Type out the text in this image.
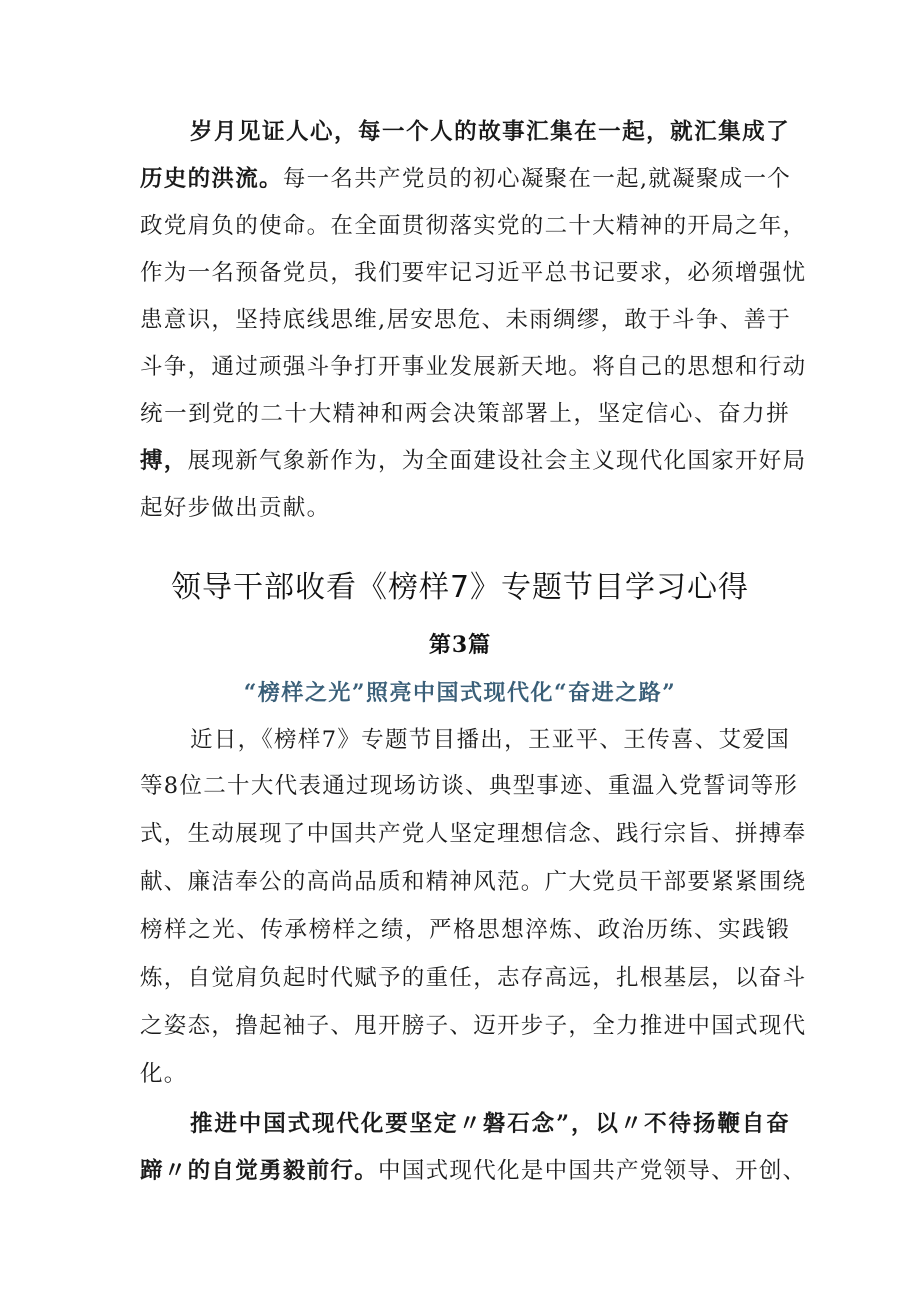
岁月见证人心，每一个人的故事汇集在一起，就汇集成了
历史的洪流。每一名共产党员的初心凝聚在一起,就凝聚成一个
政党肩负的使命。在全面贯彻落实党的二十大精神的开局之年，
作为一名预备党员，我们要牢记习近平总书记要求，必须增强忧
患意识，坚持底线思维,居安思危、未雨绸缪，敢于斗争、善于
斗争，通过顽强斗争打开事业发展新天地。将自己的思想和行动
统一到党的二十大精神和两会决策部署上，坚定信心、奋力拼
搏，展现新气象新作为，为全面建设社会主义现代化国家开好局
起好步做出贡献。
领导干部收看《榜样7》专题节目学习心得
第3篇
“榜样之光”照亮中国式现代化“奋进之路”
近日，《榜样7》专题节目播出，王亚平、王传喜、艾爱国
等8位二十大代表通过现场访谈、典型事迹、重温入党誓词等形
式，生动展现了中国共产党人坚定理想信念、践行宗旨、拼搏奉
献、廉洁奉公的高尚品质和精神风范。广大党员干部要紧紧围绕
榜样之光、传承榜样之绩，严格思想淬炼、政治历练、实践锻
炼，自觉肩负起时代赋予的重任，志存高远，扎根基层，以奋斗
之姿态，撸起袖子、甩开膀子、迈开步子，全力推进中国式现代
化。
推进中国式现代化要坚定〃磐石念”，以〃不待扬鞭自奋
蹄〃的自觉勇毅前行。中国式现代化是中国共产党领导、开创、
